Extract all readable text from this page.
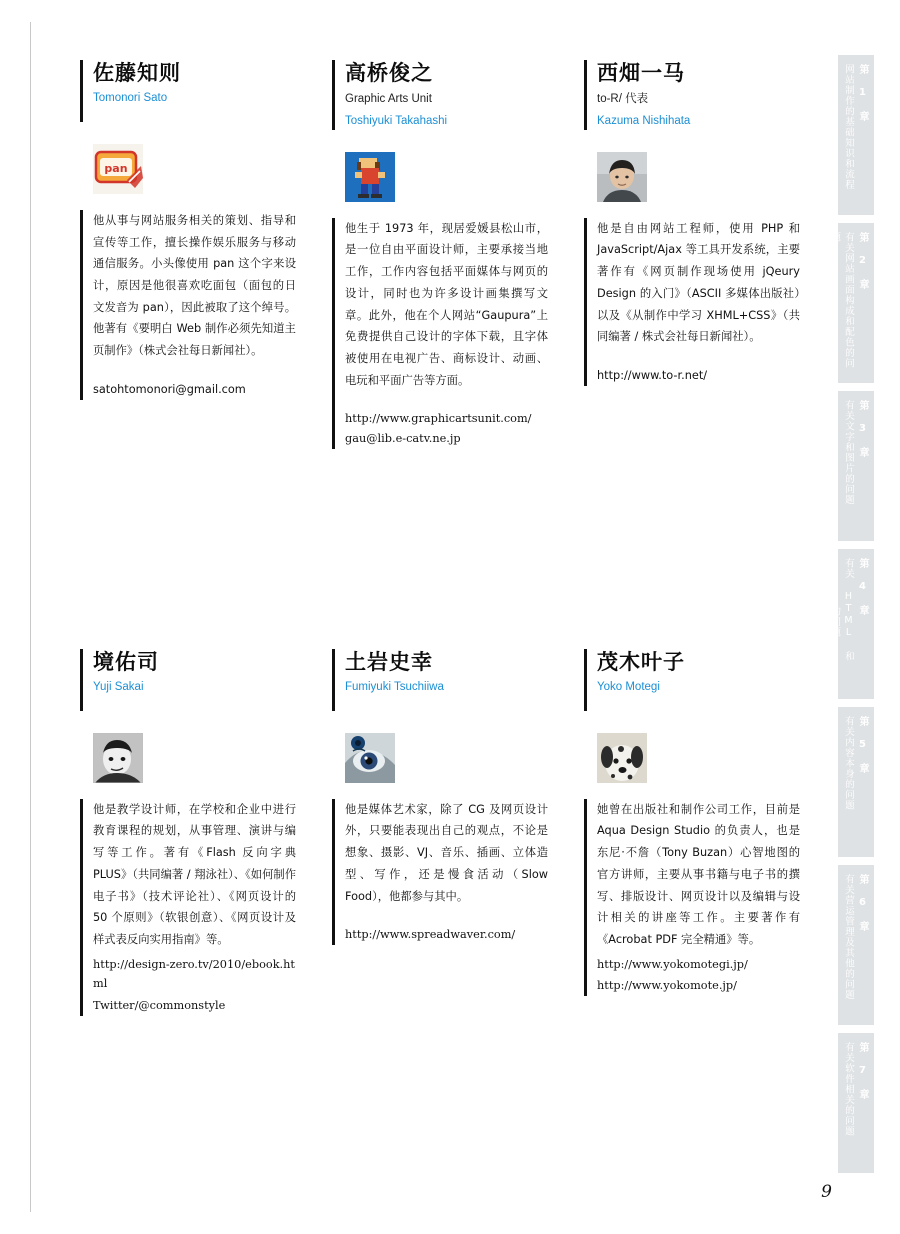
佐藤知则
Tomonori Sato
pan
他从事与网站服务相关的策划、指导和宣传等工作，擅长操作娱乐服务与移动通信服务。小头像使用 pan 这个字来设计，原因是他很喜欢吃面包（面包的日文发音为 pan），因此被取了这个绰号。他著有《要明白 Web 制作必须先知道主页制作》（株式会社每日新闻社）。
satohtomonori@gmail.com
高桥俊之
Graphic Arts Unit
Toshiyuki Takahashi
他生于 1973 年，现居爱媛县松山市，是一位自由平面设计师，主要承接当地工作，工作内容包括平面媒体与网页的设计，同时也为许多设计画集撰写文章。此外，他在个人网站“Gaupura”上免费提供自己设计的字体下载，且字体被使用在电视广告、商标设计、动画、电玩和平面广告等方面。
http://www.graphicartsunit.com/
gau@lib.e-catv.ne.jp
西畑一马
to-R/ 代表
Kazuma Nishihata
他是自由网站工程师，使用 PHP 和 JavaScript/Ajax 等工具开发系统，主要著作有《网页制作现场使用 jQeury Design 的入门》（ASCII 多媒体出版社）以及《从制作中学习 XHML+CSS》（共同编著 / 株式会社每日新闻社）。
http://www.to-r.net/
境佑司
Yuji Sakai
他是教学设计师，在学校和企业中进行教育课程的规划，从事管理、演讲与编写等工作。著有《Flash 反向字典 PLUS》（共同编著 / 翔泳社）、《如何制作电子书》（技术评论社）、《网页设计的 50 个原则》（软银创意）、《网页设计及样式表反向实用指南》等。
http://design-zero.tv/2010/ebook.html
Twitter/@commonstyle
土岩史幸
Fumiyuki Tsuchiiwa
他是媒体艺术家，除了 CG 及网页设计外，只要能表现出自己的观点，不论是想象、摄影、VJ、音乐、插画、立体造型、写作，还是慢食活动（Slow Food），他都参与其中。
http://www.spreadwaver.com/
茂木叶子
Yoko Motegi
她曾在出版社和制作公司工作，目前是 Aqua Design Studio 的负责人，也是东尼·不詹（Tony Buzan）心智地图的官方讲师，主要从事书籍与电子书的撰写、排版设计、网页设计以及编辑与设计相关的讲座等工作。主要著作有《Acrobat PDF 完全精通》等。
http://www.yokomotegi.jp/
http://www.yokomote.jp/
第 1 章
网站制作的基础知识和流程
第 2 章
有关网站画面构成和配色的问题
第 3 章
有关文字和图片的问题
第 4 章
有关 HTML 和 CSS 的问题
第 5 章
有关内容本身的问题
第 6 章
有关营运管理及其他的问题
第 7 章
有关软件相关的问题
9
